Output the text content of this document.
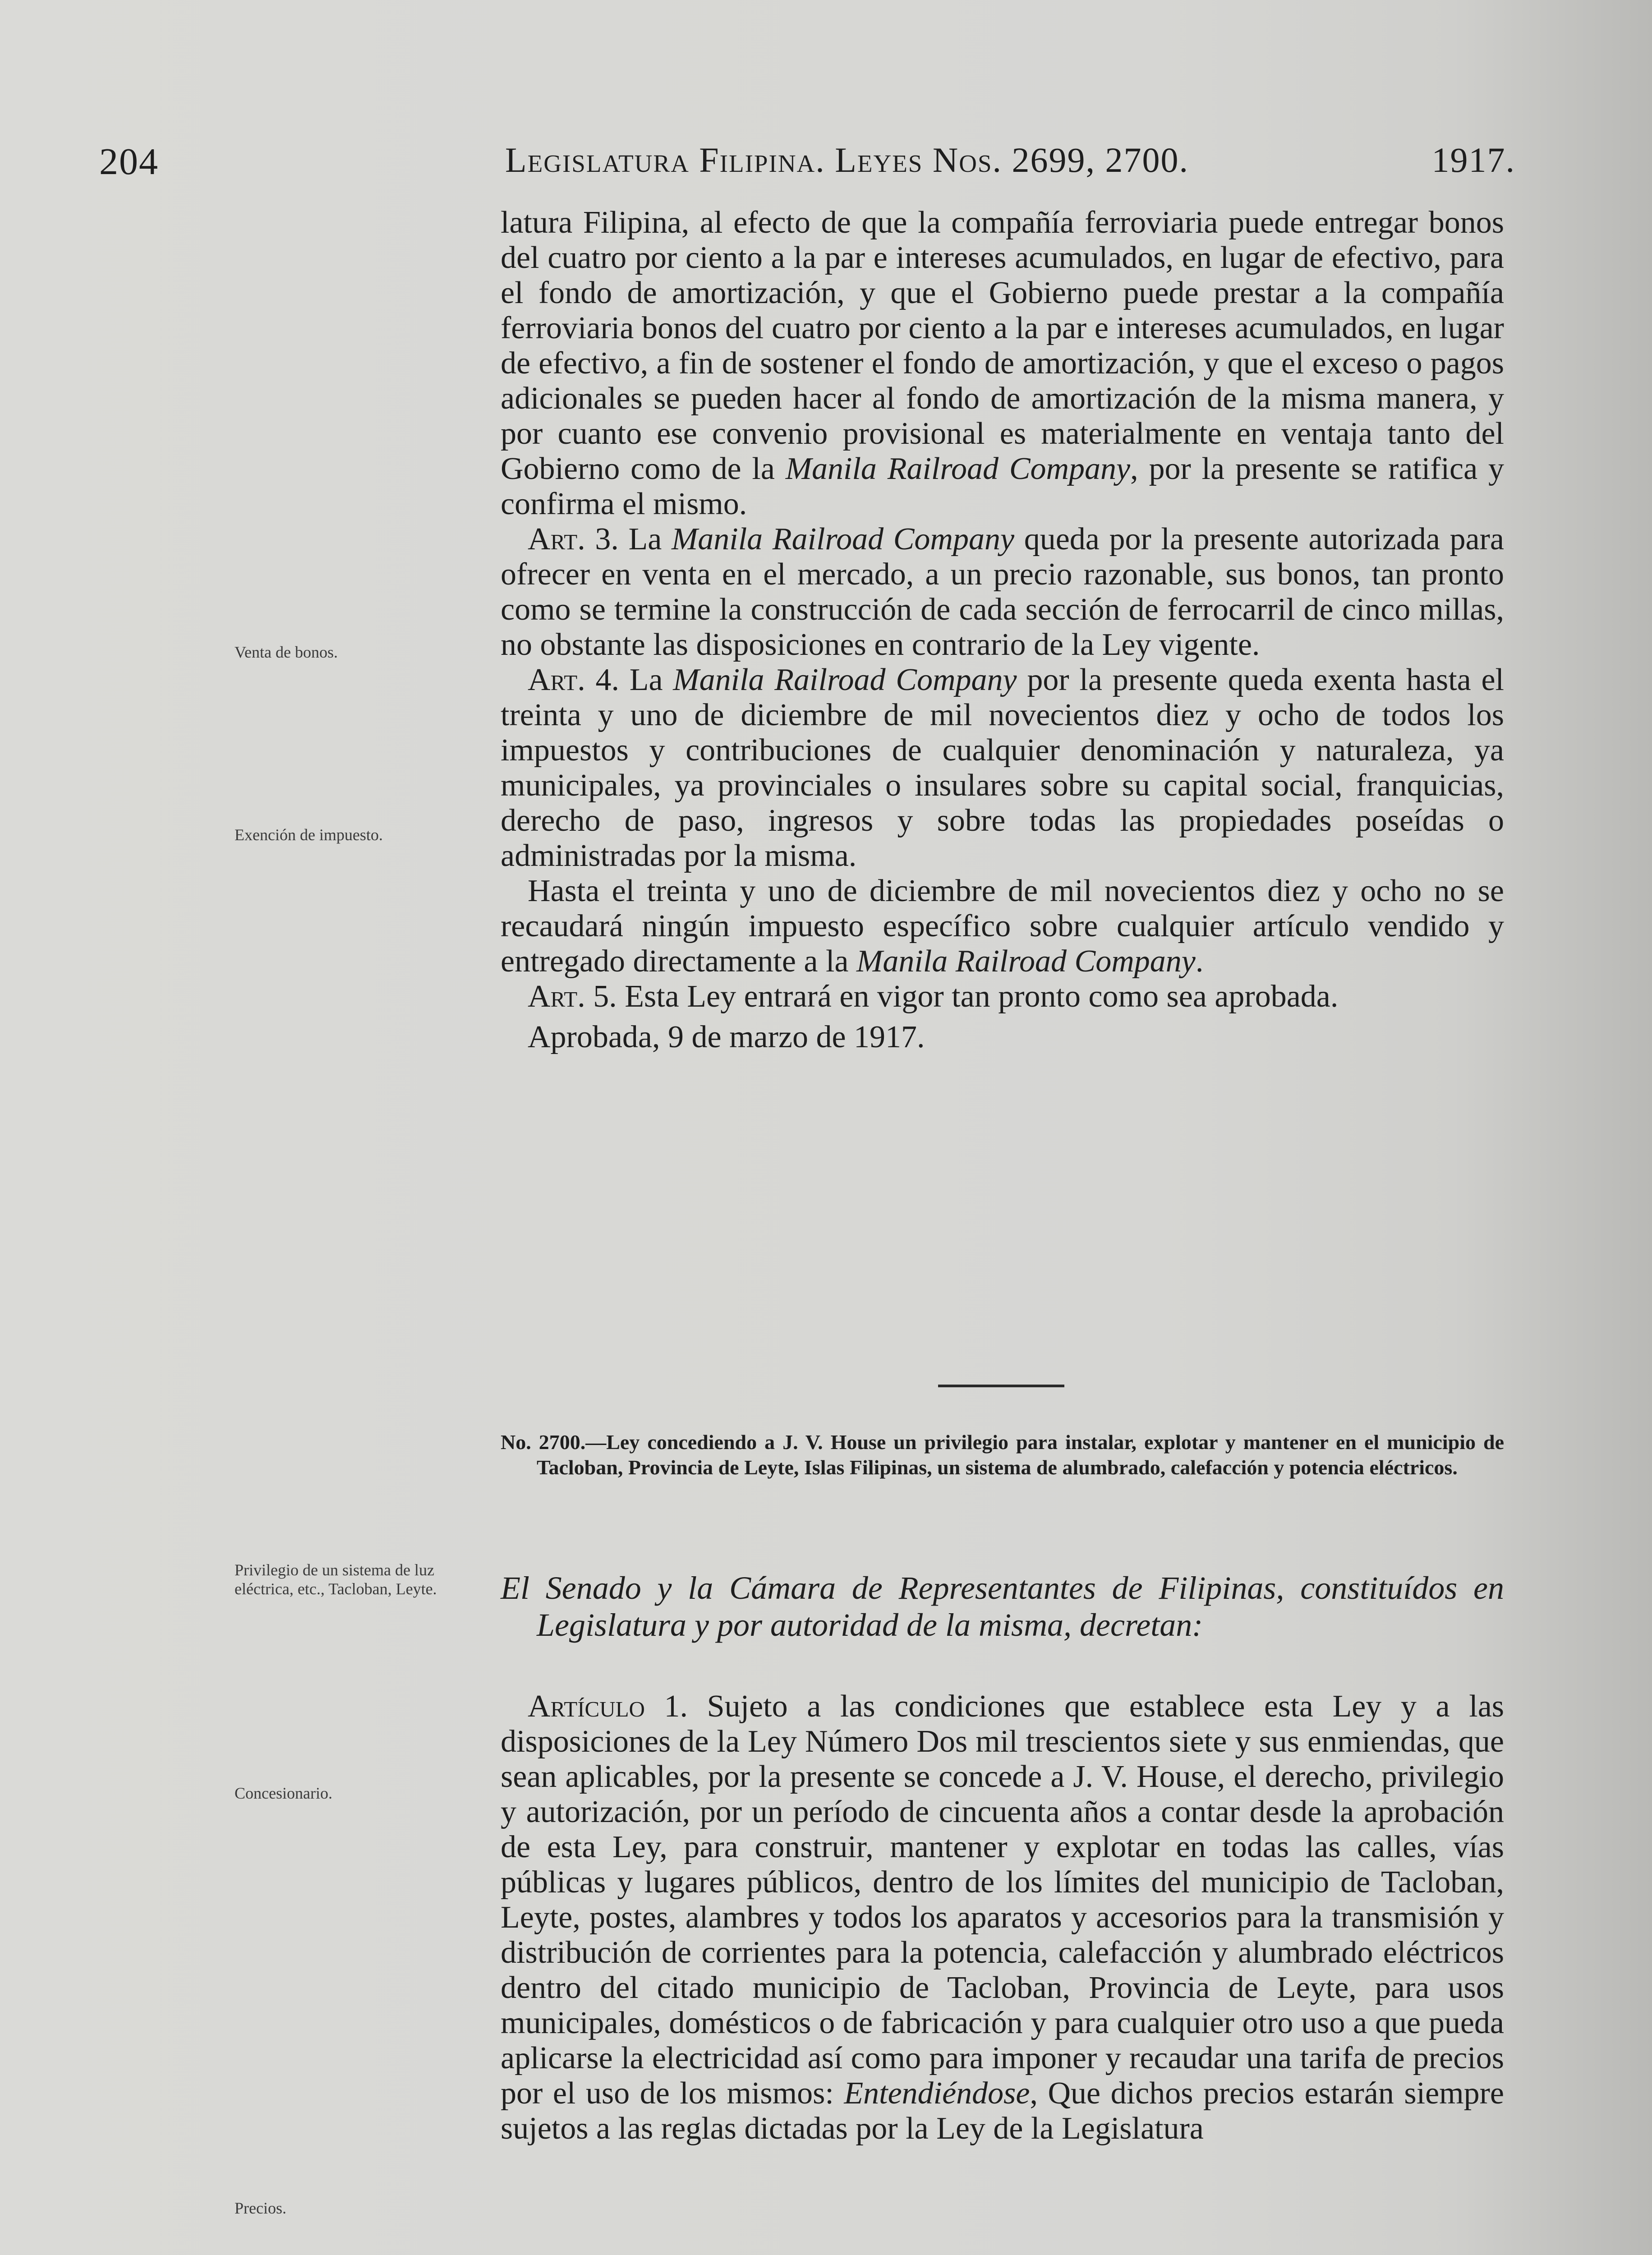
204	Legislatura Filipina. Leyes Nos. 2699, 2700.	1917.
Venta de bonos.
Exención de impuesto.
Privilegio de un sistema de luz eléctrica, etc., Tacloban, Leyte.
Concesionario.
Precios.

latura Filipina, al efecto de que la compañía ferroviaria puede entregar bonos del cuatro por ciento a la par e intereses acumulados, en lugar de efectivo, para el fondo de amortización, y que el Gobierno puede prestar a la compañía ferroviaria bonos del cuatro por ciento a la par e intereses acumulados, en lugar de efectivo, a fin de sostener el fondo de amortización, y que el exceso o pagos adicionales se pueden hacer al fondo de amortización de la misma manera, y por cuanto ese convenio provisional es materialmente en ventaja tanto del Gobierno como de la Manila Railroad Company, por la presente se ratifica y confirma el mismo.

Art. 3. La Manila Railroad Company queda por la presente autorizada para ofrecer en venta en el mercado, a un precio razonable, sus bonos, tan pronto como se termine la construcción de cada sección de ferrocarril de cinco millas, no obstante las disposiciones en contrario de la Ley vigente.

Art. 4. La Manila Railroad Company por la presente queda exenta hasta el treinta y uno de diciembre de mil novecientos diez y ocho de todos los impuestos y contribuciones de cualquier denominación y naturaleza, ya municipales, ya provinciales o insulares sobre su capital social, franquicias, derecho de paso, ingresos y sobre todas las propiedades poseídas o administradas por la misma.

Hasta el treinta y uno de diciembre de mil novecientos diez y ocho no se recaudará ningún impuesto específico sobre cualquier artículo vendido y entregado directamente a la Manila Railroad Company.

Art. 5. Esta Ley entrará en vigor tan pronto como sea aprobada.

Aprobada, 9 de marzo de 1917.

No. 2700.—Ley concediendo a J. V. House un privilegio para instalar, explotar y mantener en el municipio de Tacloban, Provincia de Leyte, Islas Filipinas, un sistema de alumbrado, calefacción y potencia eléctricos.
El Senado y la Cámara de Representantes de Filipinas, constituídos en Legislatura y por autoridad de la misma, decretan:

Artículo 1. Sujeto a las condiciones que establece esta Ley y a las disposiciones de la Ley Número Dos mil trescientos siete y sus enmiendas, que sean aplicables, por la presente se concede a J. V. House, el derecho, privilegio y autorización, por un período de cincuenta años a contar desde la aprobación de esta Ley, para construir, mantener y explotar en todas las calles, vías públicas y lugares públicos, dentro de los límites del municipio de Tacloban, Leyte, postes, alambres y todos los aparatos y accesorios para la transmisión y distribución de corrientes para la potencia, calefacción y alumbrado eléctricos dentro del citado municipio de Tacloban, Provincia de Leyte, para usos municipales, domésticos o de fabricación y para cualquier otro uso a que pueda aplicarse la electricidad así como para imponer y recaudar una tarifa de precios por el uso de los mismos: Entendiéndose, Que dichos precios estarán siempre sujetos a las reglas dictadas por la Ley de la Legislatura
